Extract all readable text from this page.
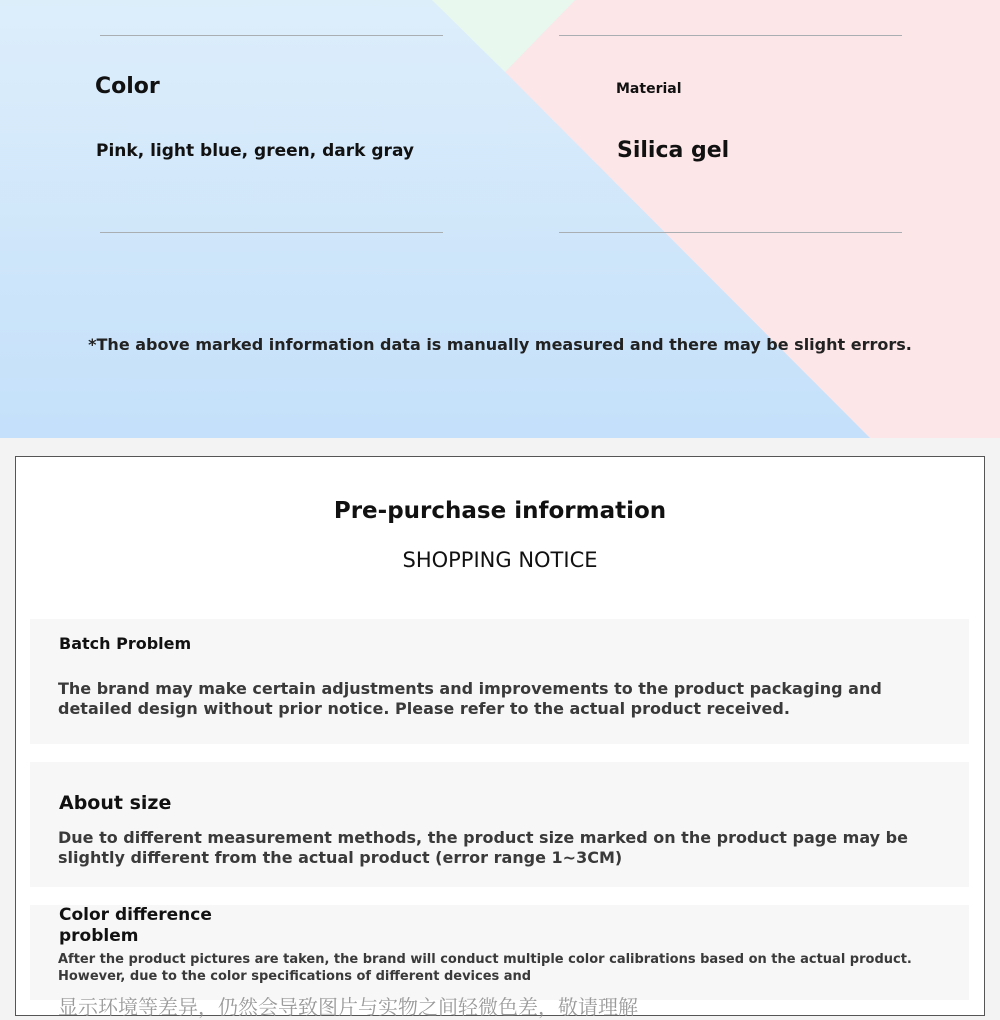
Color
Pink, light blue, green, dark gray
Material
Silica gel
*The above marked information data is manually measured and there may be slight errors.
Pre-purchase information
SHOPPING NOTICE
Batch Problem
The brand may make certain adjustments and improvements to the product packaging and detailed design without prior notice. Please refer to the actual product received.
About size
Due to different measurement methods, the product size marked on the product page may be slightly different from the actual product (error range 1~3CM)
Color difference problem
After the product pictures are taken, the brand will conduct multiple color calibrations based on the actual product. However, due to the color specifications of different devices and
显示环境等差异，仍然会导致图片与实物之间轻微色差，敬请理解
